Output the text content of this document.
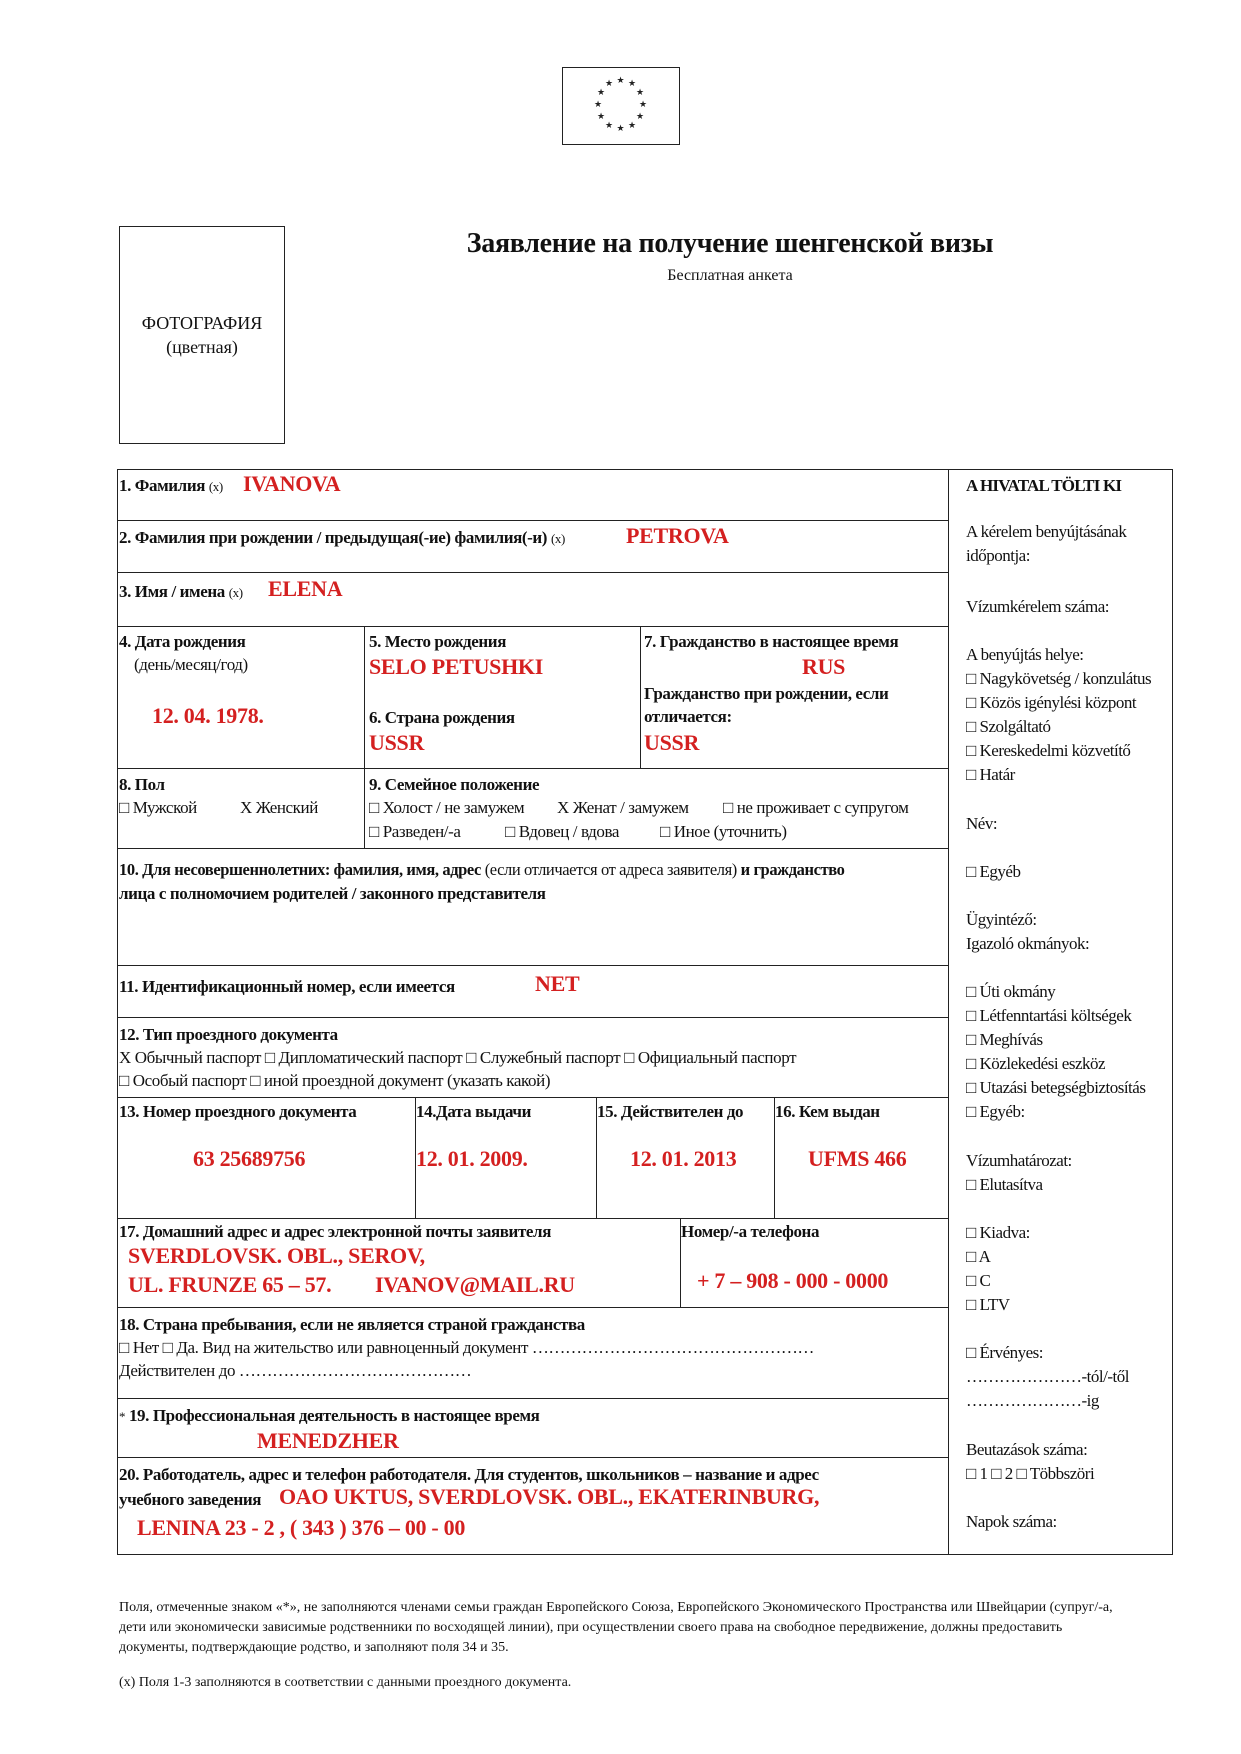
★ ★
★
★
★
★
★
★
★
★
★
★
ФОТОГРАФИЯ
(цветная)
Заявление на получение шенгенской визы
Бесплатная анкета
1. Фамилия (x) IVANOVA
2. Фамилия при рождении / предыдущая(-ие) фамилия(-и) (x)	PETROVA
3. Имя / имена (x) ELENA
4. Дата рождения
(день/месяц/год)
12. 04. 1978.
5. Место рождения
SELO PETUSHKI
6. Страна рождения
USSR
7. Гражданство в настоящее время
RUS
Гражданство при рождении, если
отличается:
USSR
8. Пол
□ Мужской	X Женский
9. Семейное положение
□ Холост / не замужем X Женат / замужем □ не проживает с супругом
□ Разведен/-а	□ Вдовец / вдова □ Иное (уточнить)
10. Для несовершеннолетних: фамилия, имя, адрес (если отличается от адреса заявителя) и гражданство
лица с полномочием родителей / законного представителя
11. Идентификационный номер, если имеется	NET
12. Тип проездного документа
X Обычный паспорт □ Дипломатический паспорт □ Служебный паспорт □ Официальный паспорт
□ Особый паспорт □ иной проездной документ (указать какой)
13. Номер проездного документа
63 25689756
14.Дата выдачи
12. 01. 2009.
15. Действителен до
12. 01. 2013
16. Кем выдан
UFMS 466
17. Домашний адрес и адрес электронной почты заявителя
SVERDLOVSK. OBL., SEROV,
UL. FRUNZE 65 – 57. IVANOV@MAIL.RU
Номер/-а телефона
+ 7 – 908 - 000 - 0000
18. Страна пребывания, если не является страной гражданства
□ Нет □ Да. Вид на жительство или равноценный документ ……………………………………………
Действителен до ……………………………………
* 19. Профессиональная деятельность в настоящее время
MENEDZHER
20. Работодатель, адрес и телефон работодателя. Для студентов, школьников – название и адрес
учебного заведения OAO UKTUS, SVERDLOVSK. OBL., EKATERINBURG,
LENINA 23 - 2 , ( 343 ) 376 – 00 - 00
A HIVATAL TÖLTI KI
A kérelem benyújtásának
időpontja:
Vízumkérelem száma:
A benyújtás helye:
□ Nagykövetség / konzulátus
□ Közös igénylési központ
□ Szolgáltató
□ Kereskedelmi közvetítő
□ Határ
Név:
□ Egyéb
Ügyintéző:
Igazoló okmányok:
□ Úti okmány
□ Létfenntartási költségek
□ Meghívás
□ Közlekedési eszköz
□ Utazási betegségbiztosítás
□ Egyéb:
Vízumhatározat:
□ Elutasítva
□ Kiadva:
□ A
□ C
□ LTV
□ Érvényes:
…………………-tól/-től
…………………-ig
Beutazások száma:
□ 1 □ 2 □ Többszöri
Napok száma:
Поля, отмеченные знаком «*», не заполняются членами семьи граждан Европейского Союза, Европейского Экономического Пространства или Швейцарии (супруг/-а, дети или экономически зависимые родственники по восходящей линии), при осуществлении своего права на свободное передвижение, должны предоставить документы, подтверждающие родство, и заполняют поля 34 и 35.
(x) Поля 1-3 заполняются в соответствии с данными проездного документа.
